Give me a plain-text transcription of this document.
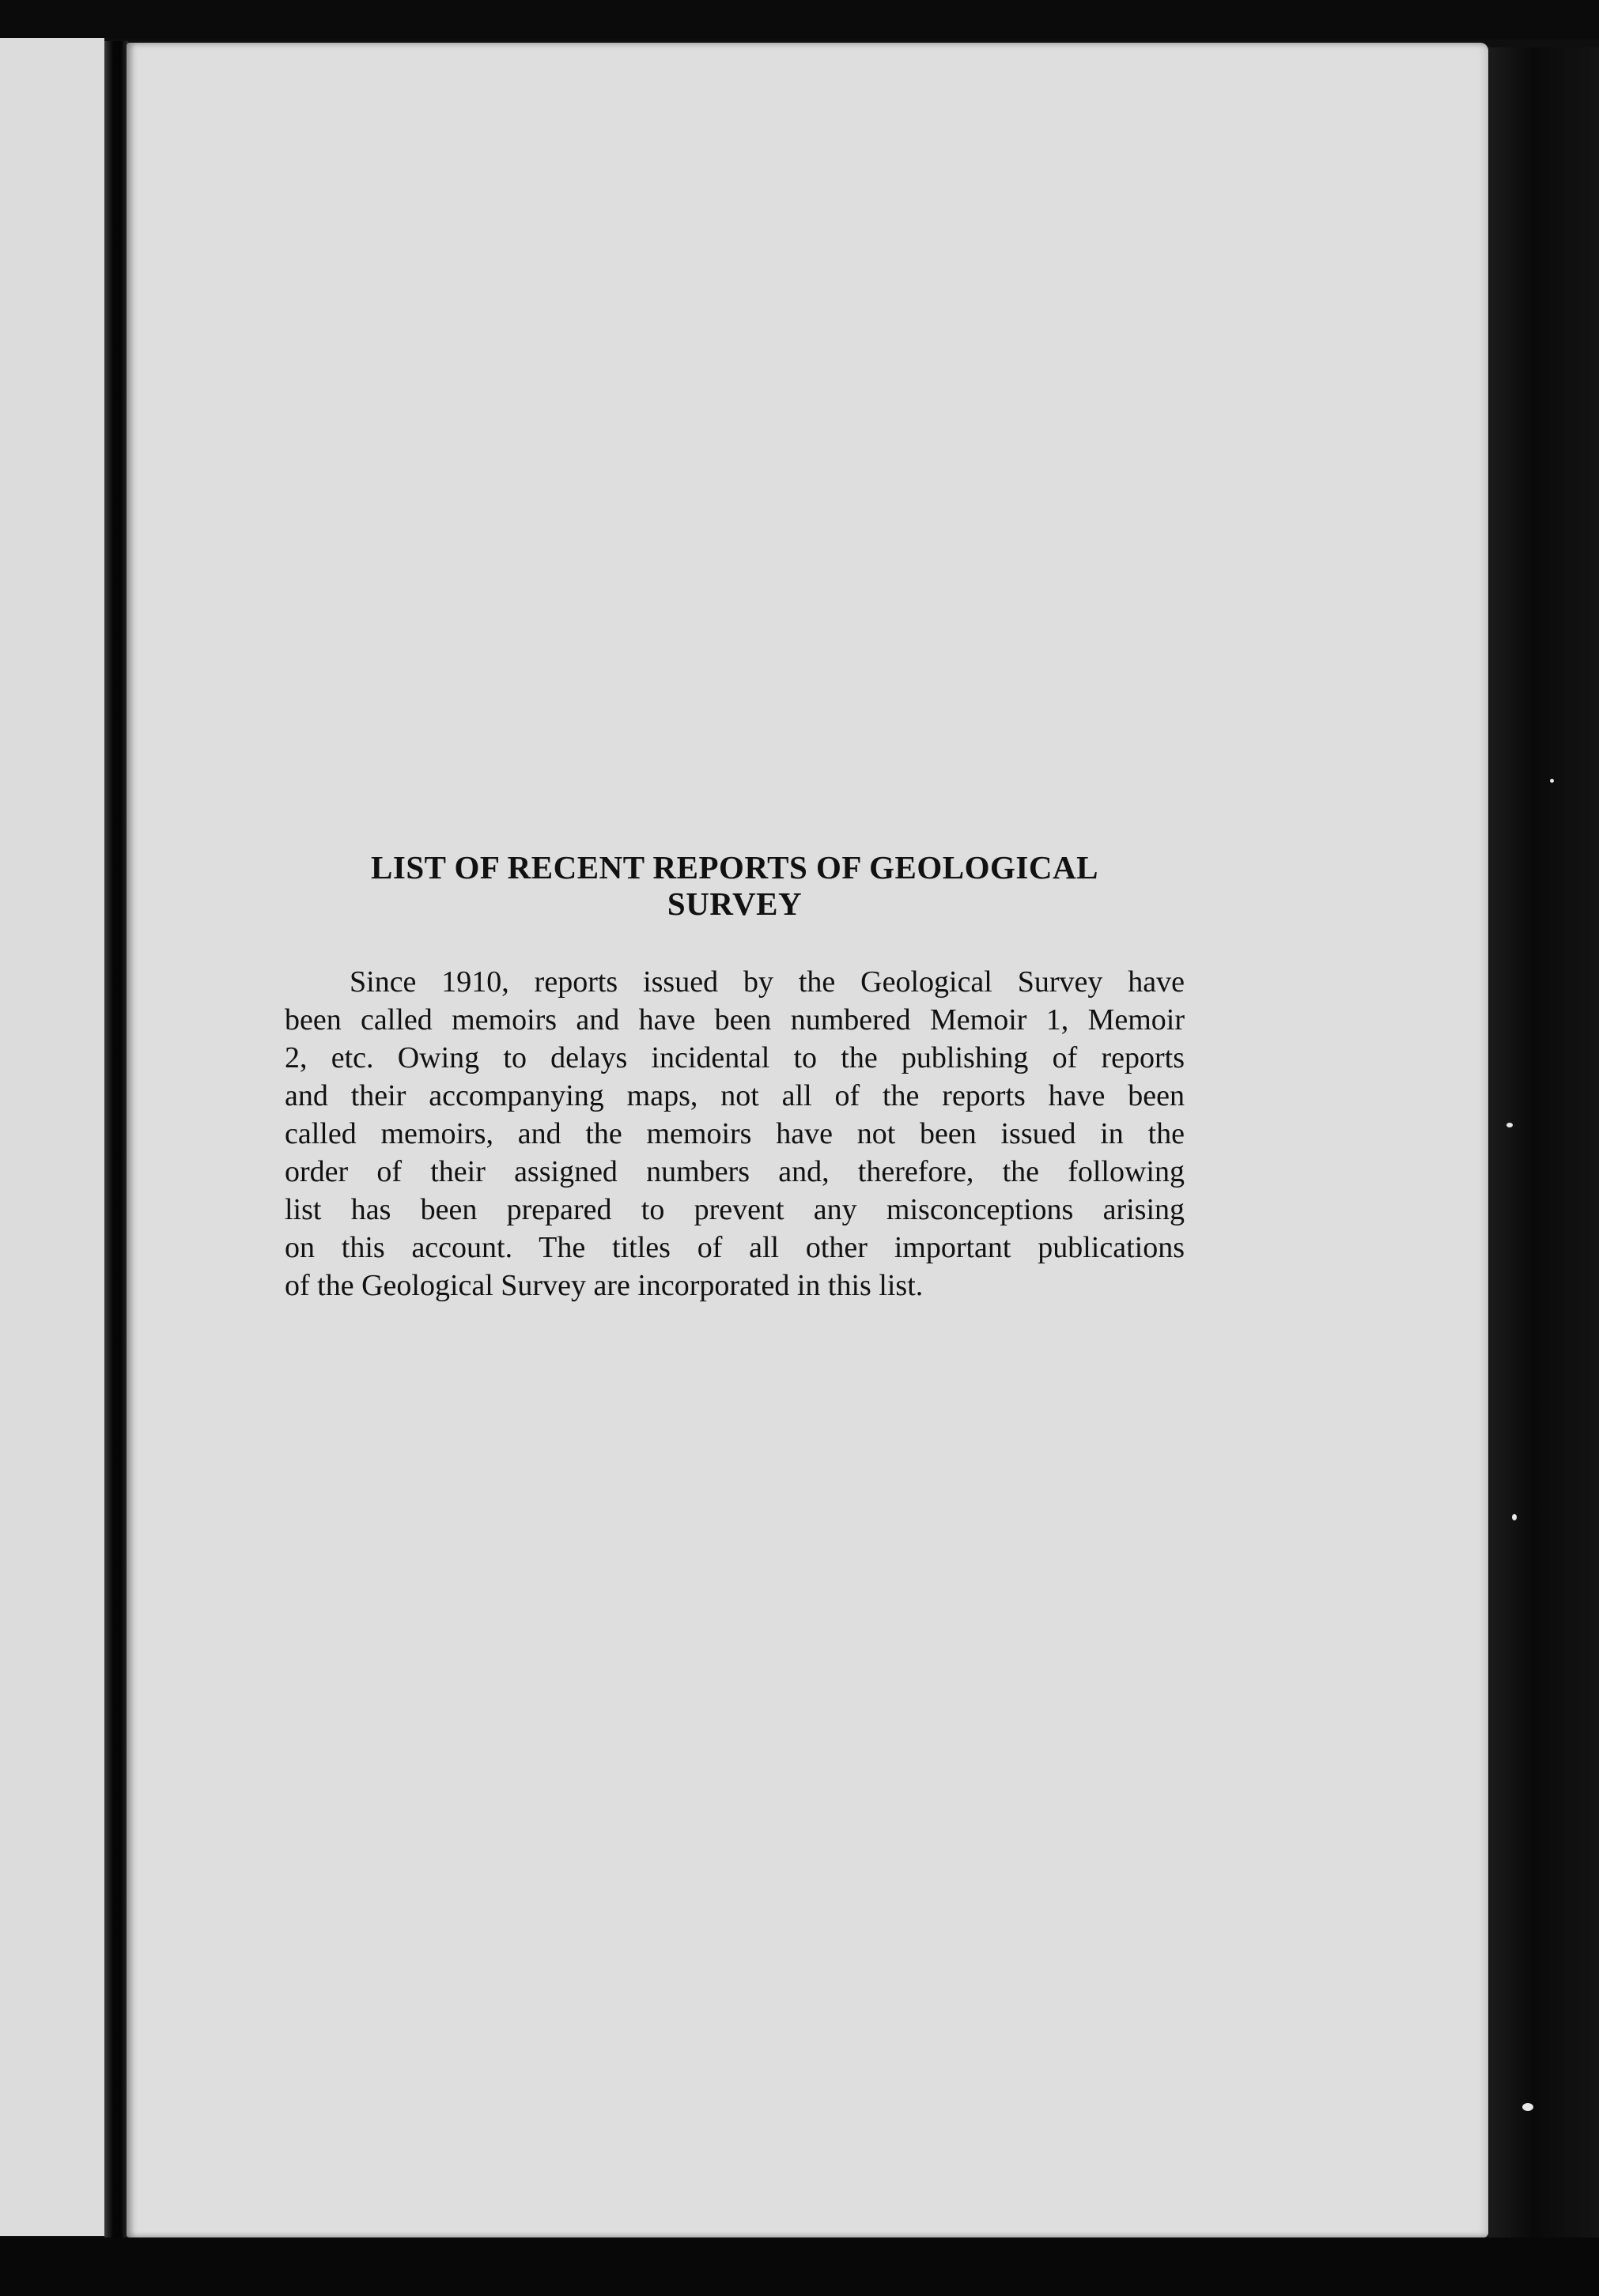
LIST OF RECENT REPORTS OF GEOLOGICAL
SURVEY

Since 1910, reports issued by the Geological Survey have
been called memoirs and have been numbered Memoir 1, Memoir
2, etc. Owing to delays incidental to the publishing of reports
and their accompanying maps, not all of the reports have been
called memoirs, and the memoirs have not been issued in the
order of their assigned numbers and, therefore, the following
list has been prepared to prevent any misconceptions arising
on this account. The titles of all other important publications
of the Geological Survey are incorporated in this list.
